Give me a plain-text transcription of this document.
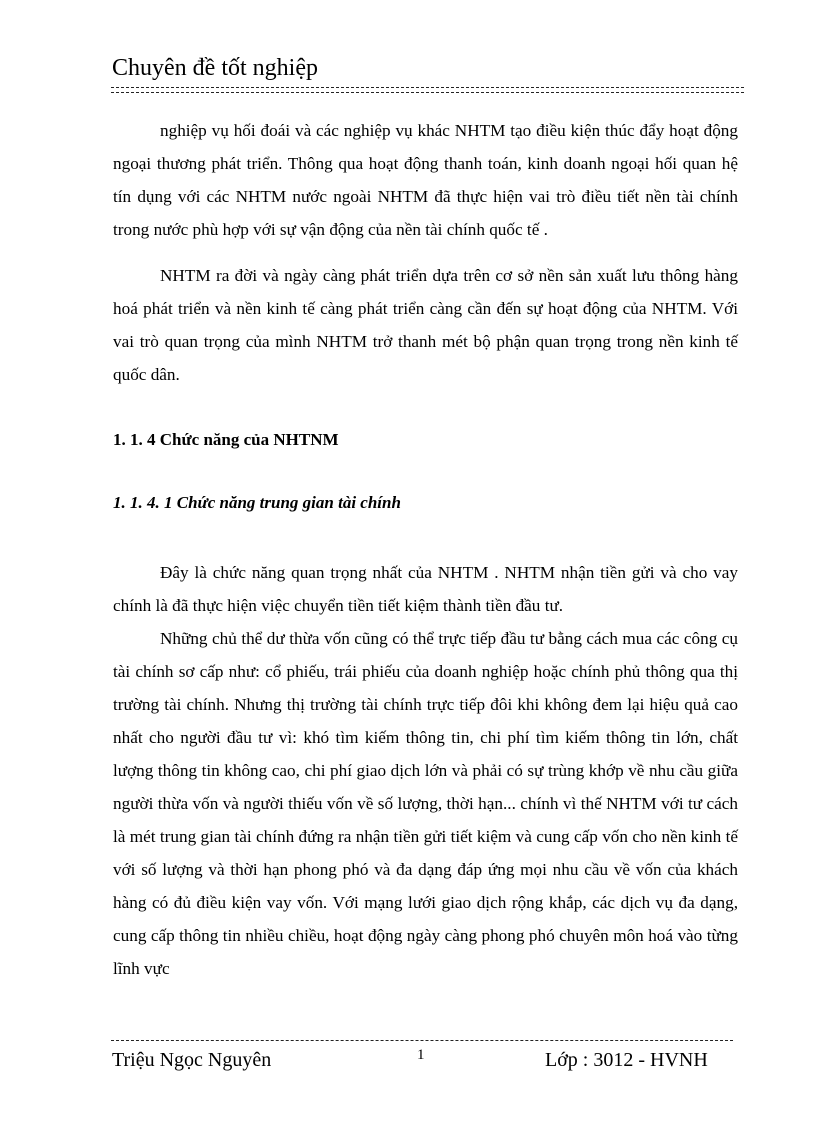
Chuyên đề tốt nghiệp

nghiệp vụ hối đoái và các nghiệp vụ khác NHTM tạo điều kiện thúc đẩy hoạt động ngoại thương phát triển. Thông qua hoạt động thanh toán, kinh doanh ngoại hối quan hệ tín dụng với các NHTM nước ngoài NHTM đã thực hiện vai trò điều tiết nền tài chính trong nước phù hợp với sự vận động của nền tài chính quốc tế .

NHTM ra đời và ngày càng phát triển dựa trên cơ sở nền sản xuất lưu thông hàng hoá phát triển và nền kinh tế càng phát triển càng cần đến sự hoạt động của NHTM. Với vai trò quan trọng của mình NHTM trở thanh mét bộ phận quan trọng trong nền kinh tế quốc dân.

1. 1. 4 Chức năng của NHTNM

1. 1. 4. 1 Chức năng trung gian tài chính

Đây là chức năng quan trọng nhất của NHTM . NHTM nhận tiền gửi và cho vay chính là đã thực hiện việc chuyển tiền tiết kiệm thành tiền đầu tư.

Những chủ thể dư thừa vốn cũng có thể trực tiếp đầu tư bằng cách mua các công cụ tài chính sơ cấp như: cổ phiếu, trái phiếu của doanh nghiệp hoặc chính phủ thông qua thị trường tài chính. Nhưng thị trường tài chính trực tiếp đôi khi không đem lại hiệu quả cao nhất cho người đầu tư vì: khó tìm kiếm thông tin, chi phí tìm kiếm thông tin lớn, chất lượng thông tin không cao, chi phí giao dịch lớn và phải có sự trùng khớp về nhu cầu giữa người thừa vốn và người thiếu vốn về số lượng, thời hạn... chính vì thế NHTM với tư cách là mét trung gian tài chính đứng ra nhận tiền gửi tiết kiệm và cung cấp vốn cho nền kinh tế với số lượng và thời hạn phong phó và đa dạng đáp ứng mọi nhu cầu về vốn của khách hàng có đủ điều kiện vay vốn. Với mạng lưới giao dịch rộng khắp, các dịch vụ đa dạng, cung cấp thông tin nhiều chiều, hoạt động ngày càng phong phó chuyên môn hoá vào từng lĩnh vực

Triệu Ngọc Nguyên	1	Lớp : 3012 - HVNH
